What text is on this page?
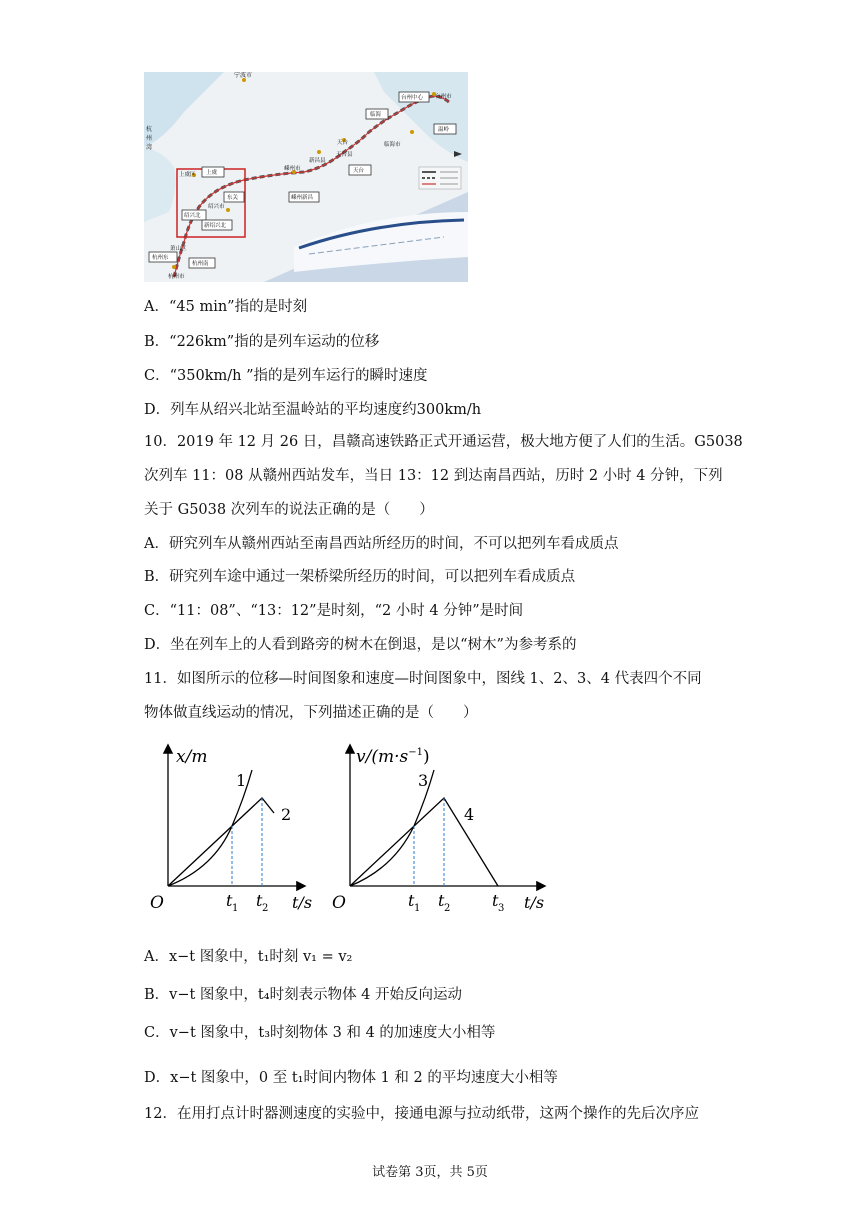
宁波市
杭州湾
台州中心 台州市
临海
临海市
温岭
天台
天台县
新昌县
嵊州市
嵊州新昌
天台
上虞区 上虞
东关
绍兴市
绍兴北
新绍兴北
萧山区
杭州东
杭州南
杭州市
A．“45 min”指的是时刻
B．“226km”指的是列车运动的位移
C．“350km/h ”指的是列车运行的瞬时速度
D．列车从绍兴北站至温岭站的平均速度约300km/h
10．2019 年 12 月 26 日，昌赣高速铁路正式开通运营，极大地方便了人们的生活。G5038
次列车 11：08 从赣州西站发车，当日 13：12 到达南昌西站，历时 2 小时 4 分钟，下列
关于 G5038 次列车的说法正确的是（　　）
A．研究列车从赣州西站至南昌西站所经历的时间，不可以把列车看成质点
B．研究列车途中通过一架桥梁所经历的时间，可以把列车看成质点
C．“11：08”、“13：12”是时刻，“2 小时 4 分钟”是时间
D．坐在列车上的人看到路旁的树木在倒退，是以“树木”为参考系的
11．如图所示的位移—时间图象和速度—时间图象中，图线 1、2、3、4 代表四个不同
物体做直线运动的情况，下列描述正确的是（　　）
x/m
1
2
O	t 1 t 2 t/s
$v/(m\cdot s^{-1})$
3
4
O	t 1 t 2	t 3 t/s
A．x−t 图象中，t₁时刻 v₁ = v₂
B．v−t 图象中，t₄时刻表示物体 4 开始反向运动
C．v−t 图象中，t₃时刻物体 3 和 4 的加速度大小相等
D．x−t 图象中，0 至 t₁时间内物体 1 和 2 的平均速度大小相等
12．在用打点计时器测速度的实验中，接通电源与拉动纸带，这两个操作的先后次序应
试卷第 3页，共 5页
